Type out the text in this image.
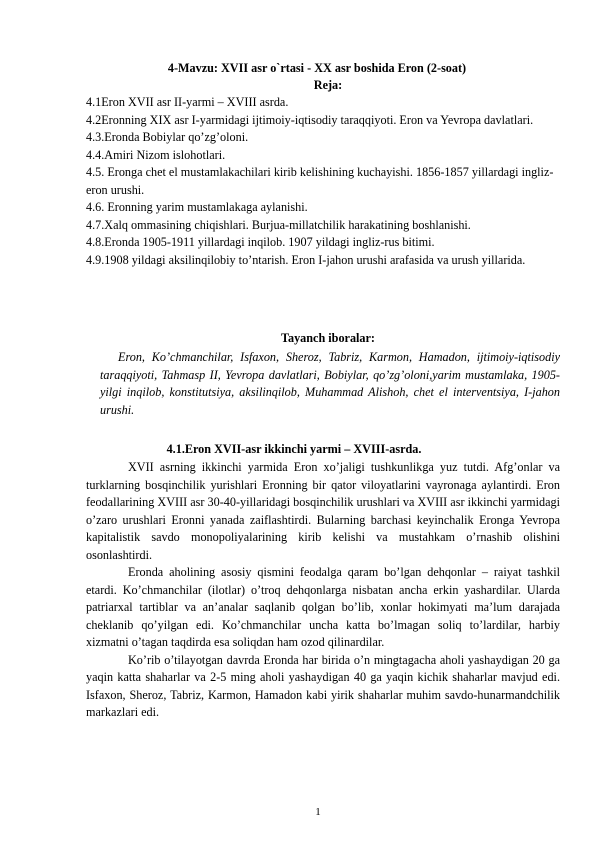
4-Mavzu: XVII asr o`rtasi - XX asr boshida Eron (2-soat)
Reja:
4.1Eron XVII asr II-yarmi – XVIII asrda.
4.2Eronning XIX asr I-yarmidagi ijtimoiy-iqtisodiy taraqqiyoti. Eron va Yevropa davlatlari.
4.3.Eronda Bobiylar qo’zg’oloni.
4.4.Amiri Nizom islohotlari.
4.5. Eronga chet el mustamlakachilari kirib kelishining kuchayishi. 1856-1857 yillardagi ingliz-eron urushi.
4.6. Eronning yarim mustamlakaga aylanishi.
4.7.Xalq ommasining chiqishlari. Burjua-millatchilik harakatining boshlanishi.
4.8.Eronda 1905-1911 yillardagi inqilob. 1907 yildagi ingliz-rus bitimi.
4.9.1908 yildagi aksilinqilobiy to’ntarish. Eron I-jahon urushi arafasida va urush yillarida.
Tayanch iboralar:
Eron, Ko’chmanchilar, Isfaxon, Sheroz, Tabriz, Karmon, Hamadon, ijtimoiy-iqtisodiy taraqqiyoti, Tahmasp II, Yevropa davlatlari, Bobiylar, qo’zg’oloni,yarim mustamlaka, 1905-yilgi inqilob, konstitutsiya, aksilinqilob, Muhammad Alishoh, chet el interventsiya, I-jahon urushi.
4.1.Eron XVII-asr ikkinchi yarmi – XVIII-asrda.

XVII asrning ikkinchi yarmida Eron xo’jaligi tushkunlikga yuz tutdi. Afg’onlar va turklarning bosqinchilik yurishlari Eronning bir qator viloyatlarini vayronaga aylantirdi. Eron feodallarining XVIII asr 30-40-yillaridagi bosqinchilik urushlari va XVIII asr ikkinchi yarmidagi o’zaro urushlari Eronni yanada zaiflashtirdi. Bularning barchasi keyinchalik Eronga Yevropa kapitalistik savdo monopoliyalarining kirib kelishi va mustahkam o’rnashib olishini osonlashtirdi.

Eronda aholining asosiy qismini feodalga qaram bo’lgan dehqonlar – raiyat tashkil etardi. Ko’chmanchilar (ilotlar) o’troq dehqonlarga nisbatan ancha erkin yashardilar. Ularda patriarxal tartiblar va an’analar saqlanib qolgan bo’lib, xonlar hokimyati ma’lum darajada cheklanib qo’yilgan edi. Ko’chmanchilar uncha katta bo’lmagan soliq to’lardilar, harbiy xizmatni o’tagan taqdirda esa soliqdan ham ozod qilinardilar.

Ko’rib o’tilayotgan davrda Eronda har birida o’n mingtagacha aholi yashaydigan 20 ga yaqin katta shaharlar va 2-5 ming aholi yashaydigan 40 ga yaqin kichik shaharlar mavjud edi. Isfaxon, Sheroz, Tabriz, Karmon, Hamadon kabi yirik shaharlar muhim savdo-hunarmandchilik markazlari edi.

1
